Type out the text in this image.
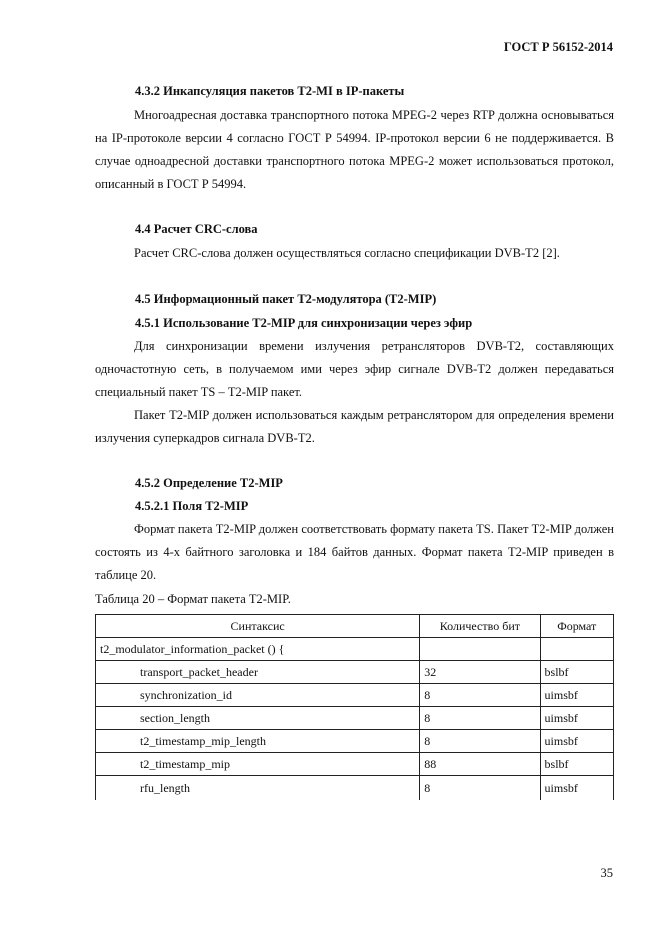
ГОСТ Р 56152-2014
4.3.2 Инкапсуляция пакетов Т2-MI в IP-пакеты

Многоадресная доставка транспортного потока MPEG-2 через RTP должна основываться на IP-протоколе версии 4 согласно ГОСТ Р 54994. IP-протокол версии 6 не поддерживается. В случае одноадресной доставки транспортного потока MPEG-2 может использоваться протокол, описанный в ГОСТ Р 54994.

4.4 Расчет CRC-слова

Расчет CRC-слова должен осуществляться согласно спецификации DVB-T2 [2].

4.5 Информационный пакет Т2-модулятора (T2-MIP)
4.5.1 Использование Т2-MIP для синхронизации через эфир

Для синхронизации времени излучения ретрансляторов DVB-T2, составляющих одночастотную сеть, в получаемом ими через эфир сигнале DVB-T2 должен передаваться специальный пакет TS – Т2-MIP пакет.

Пакет Т2-MIP должен использоваться каждым ретранслятором для определения времени излучения суперкадров сигнала DVB-T2.

4.5.2 Определение Т2-MIP
4.5.2.1 Поля Т2-MIP

Формат пакета Т2-MIP должен соответствовать формату пакета TS. Пакет Т2-MIP должен состоять из 4-х байтного заголовка и 184 байтов данных. Формат пакета Т2-MIP приведен в таблице 20.

Таблица 20 – Формат пакета Т2-MIP.
Синтаксис	Количество бит	Формат
t2_modulator_information_packet () {		
transport_packet_header	32	bslbf
synchronization_id	8	uimsbf
section_length	8	uimsbf
t2_timestamp_mip_length	8	uimsbf
t2_timestamp_mip	88	bslbf
rfu_length	8	uimsbf
35
